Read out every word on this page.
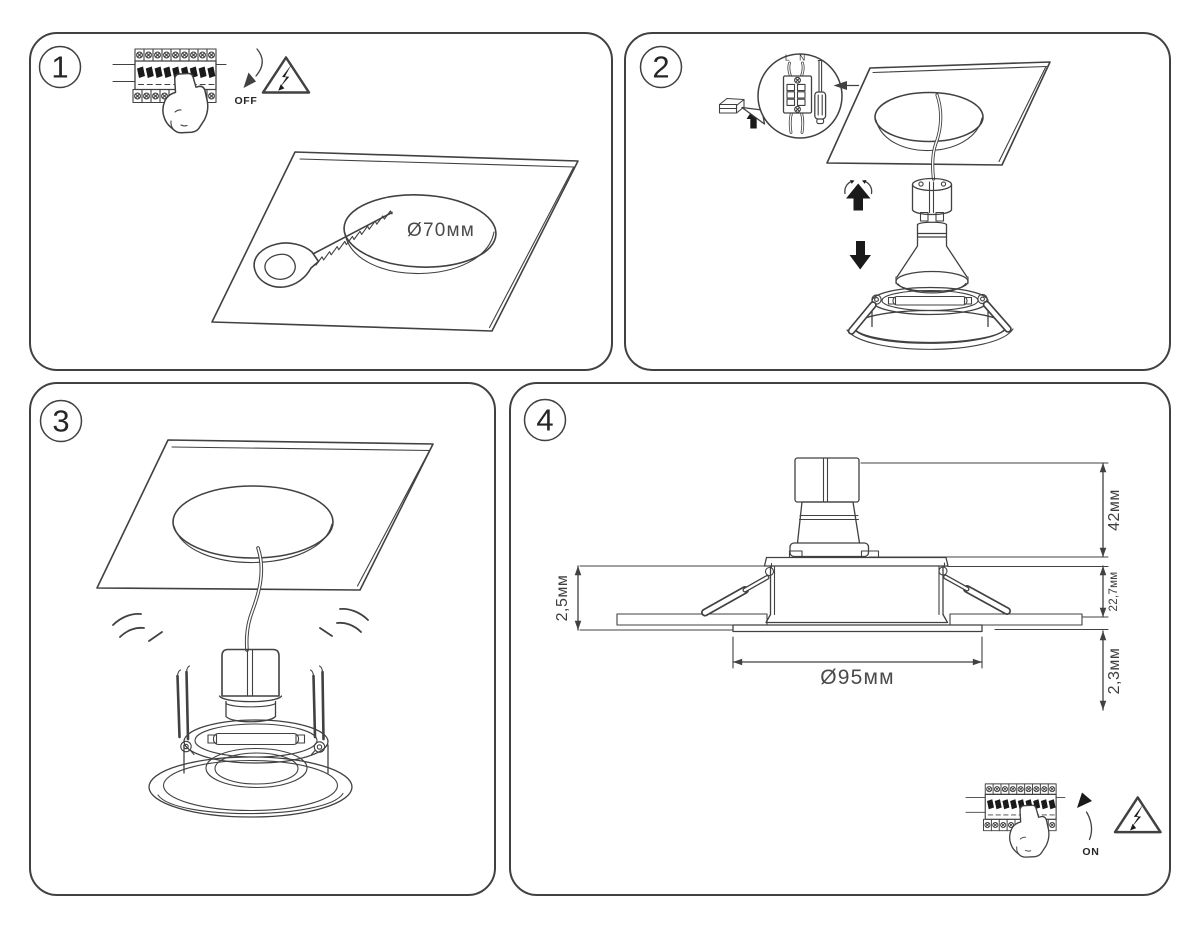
1
OFF
Ø70мм
2	L N
3	4
42мм
22,7мм
2,3мм
2,5мм
Ø95мм
ON
